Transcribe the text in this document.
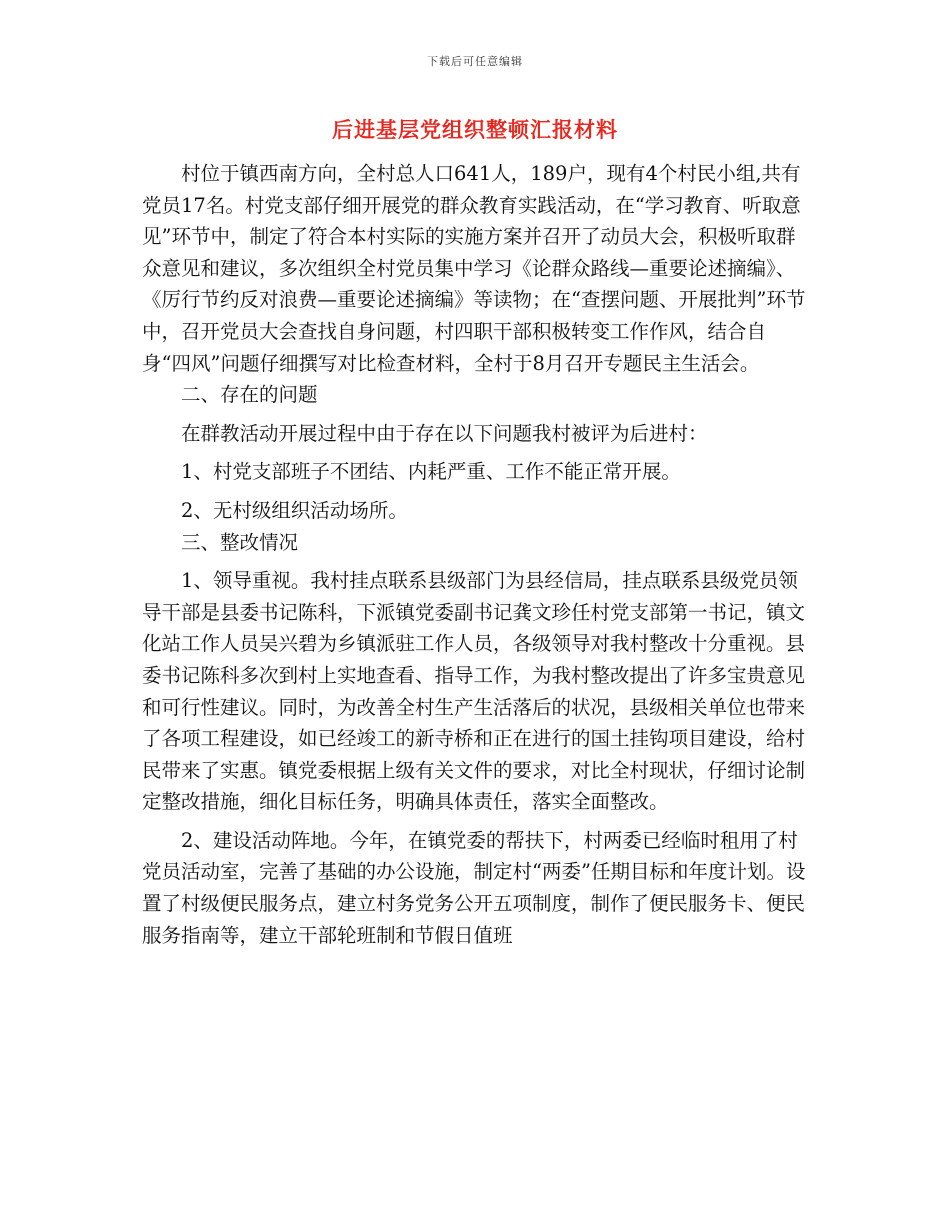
下载后可任意编辑
后进基层党组织整顿汇报材料

村位于镇西南方向，全村总人口641人，189户，现有4个村民小组,共有党员17名。村党支部仔细开展党的群众教育实践活动，在“学习教育、听取意见”环节中，制定了符合本村实际的实施方案并召开了动员大会，积极听取群众意见和建议，多次组织全村党员集中学习《论群众路线—重要论述摘编》、《厉行节约反对浪费—重要论述摘编》等读物；在“查摆问题、开展批判”环节中，召开党员大会查找自身问题，村四职干部积极转变工作作风，结合自身“四风”问题仔细撰写对比检查材料，全村于8月召开专题民主生活会。

二、存在的问题

在群教活动开展过程中由于存在以下问题我村被评为后进村：

1、村党支部班子不团结、内耗严重、工作不能正常开展。

2、无村级组织活动场所。

三、整改情况

1、领导重视。我村挂点联系县级部门为县经信局，挂点联系县级党员领导干部是县委书记陈科，下派镇党委副书记龚文珍任村党支部第一书记，镇文化站工作人员吴兴碧为乡镇派驻工作人员，各级领导对我村整改十分重视。县委书记陈科多次到村上实地查看、指导工作，为我村整改提出了许多宝贵意见和可行性建议。同时，为改善全村生产生活落后的状况，县级相关单位也带来了各项工程建设，如已经竣工的新寺桥和正在进行的国土挂钩项目建设，给村民带来了实惠。镇党委根据上级有关文件的要求，对比全村现状，仔细讨论制定整改措施，细化目标任务，明确具体责任，落实全面整改。

2、建设活动阵地。今年，在镇党委的帮扶下，村两委已经临时租用了村党员活动室，完善了基础的办公设施，制定村“两委”任期目标和年度计划。设置了村级便民服务点，建立村务党务公开五项制度，制作了便民服务卡、便民服务指南等，建立干部轮班制和节假日值班
